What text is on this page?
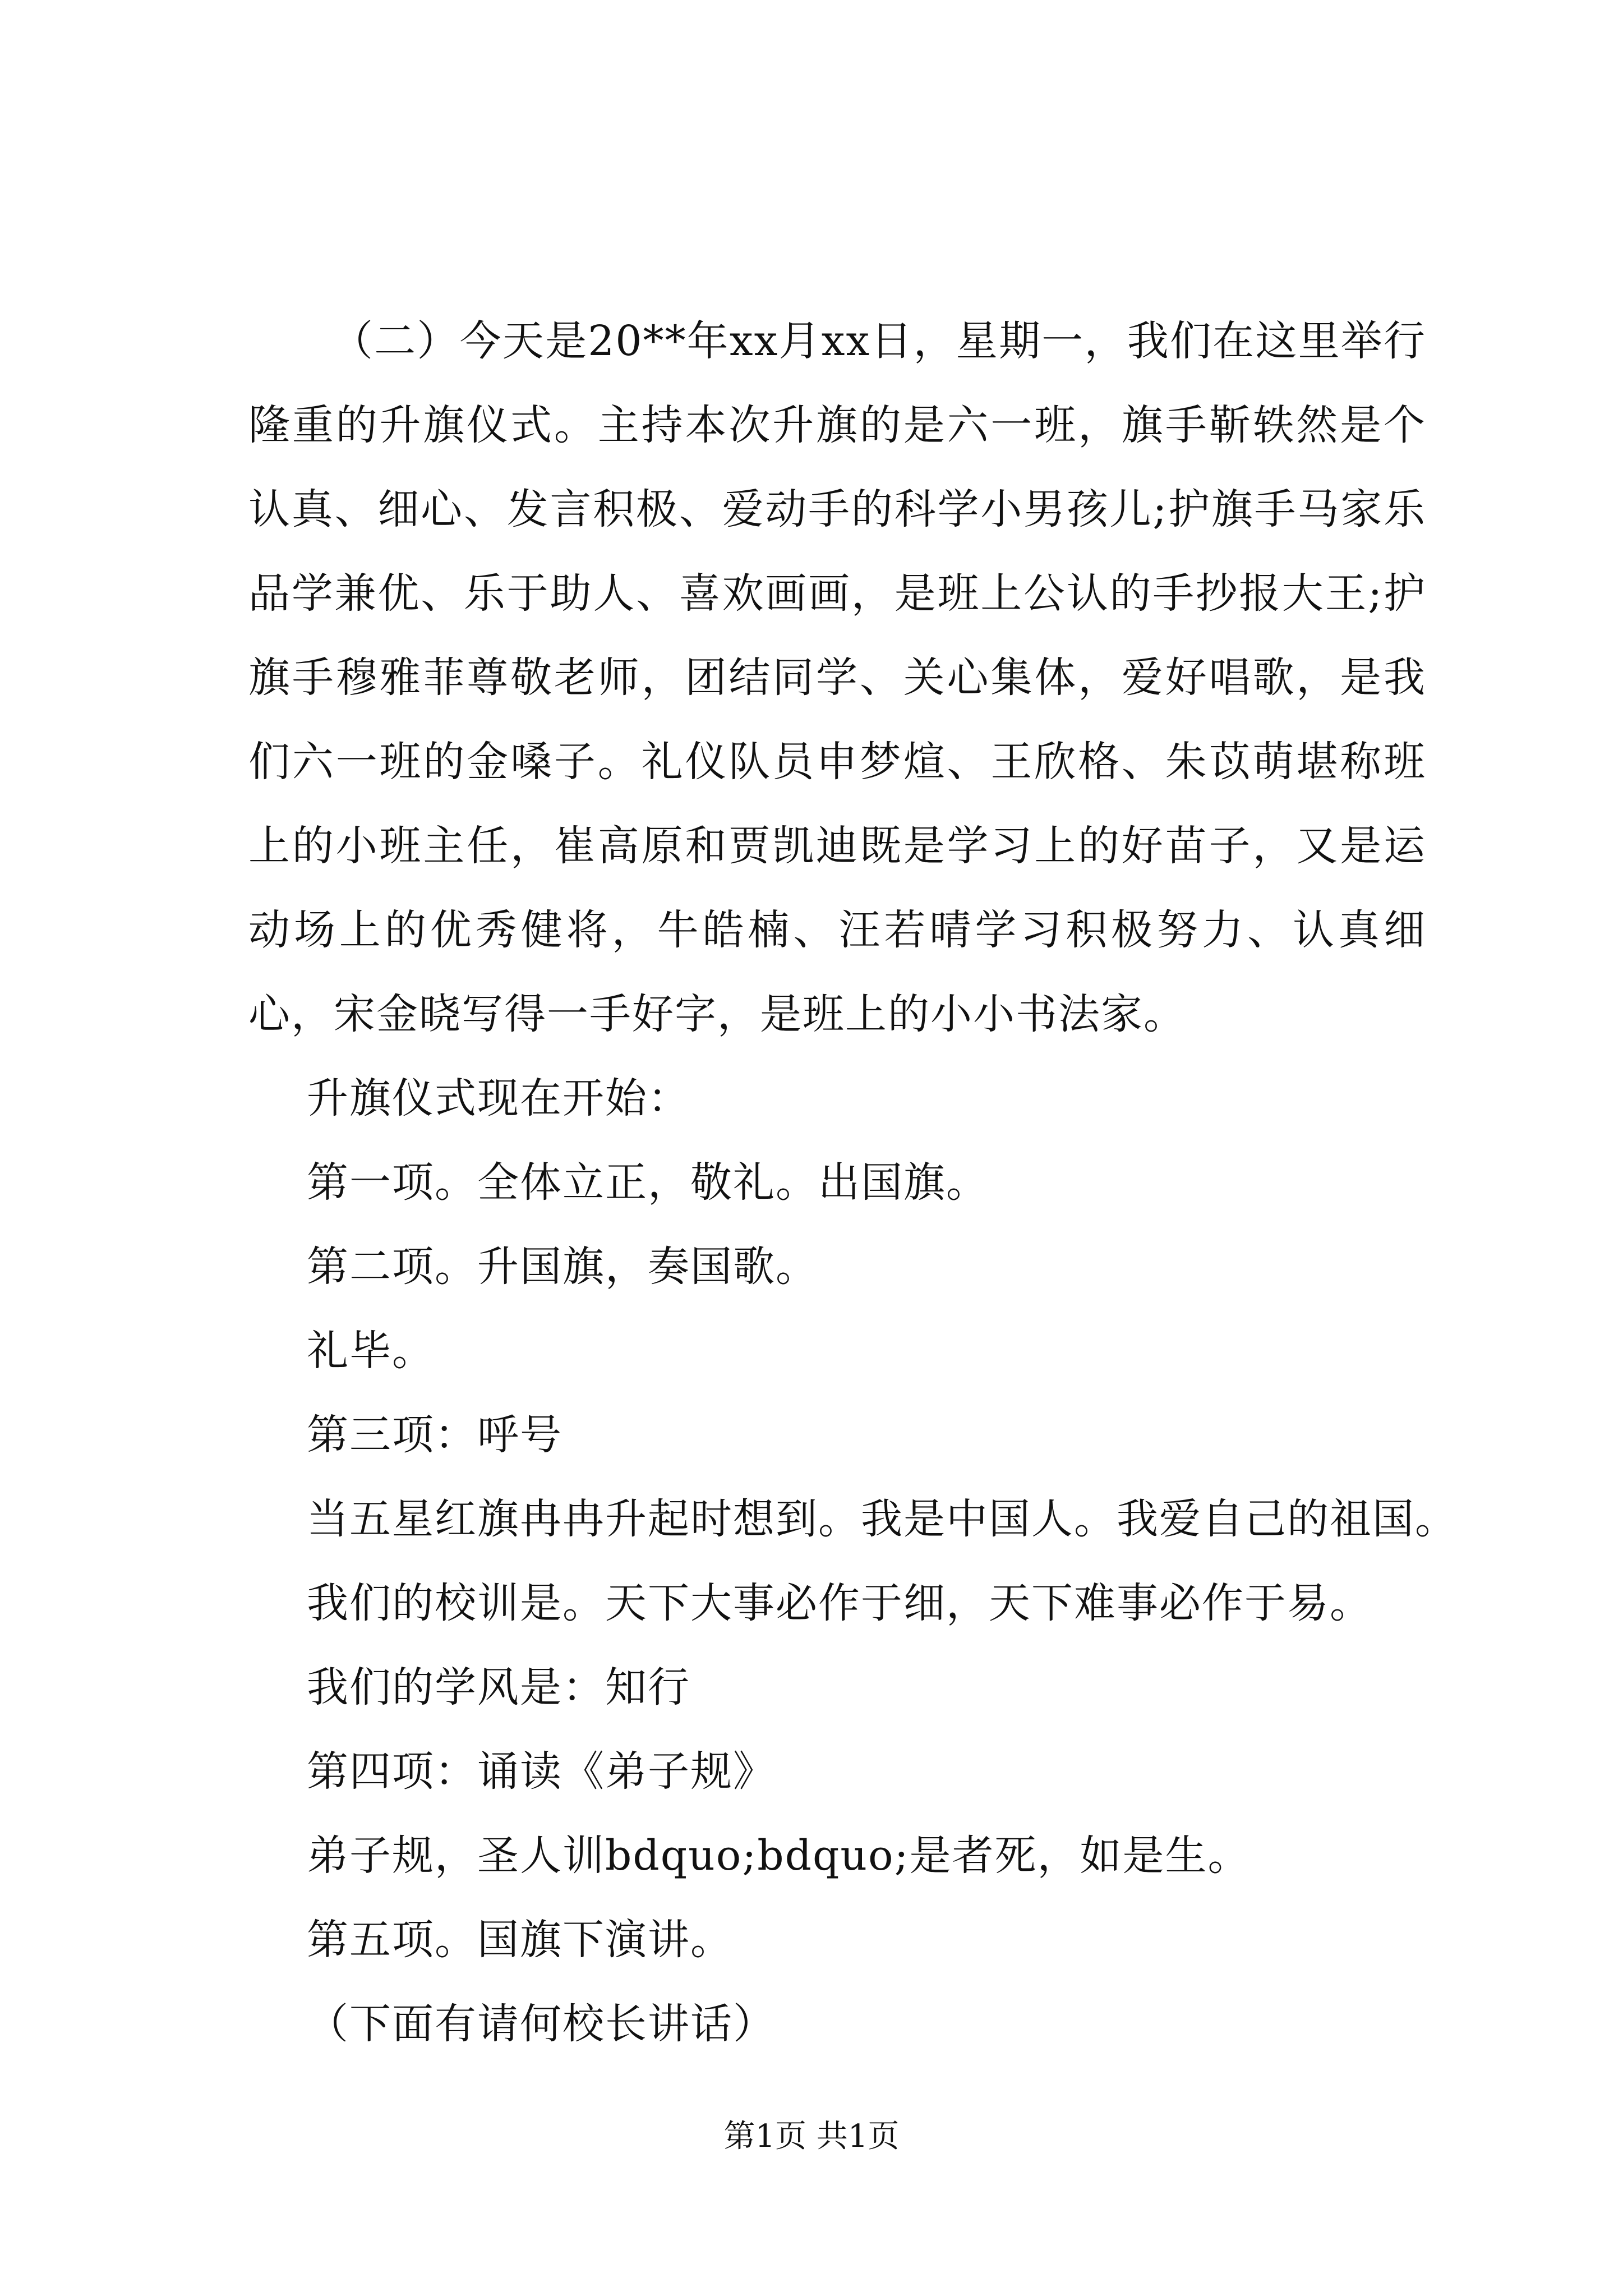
（二）今天是20**年xx月xx日，星期一，我们在这里举行隆重的升旗仪式。主持本次升旗的是六一班，旗手靳轶然是个认真、细心、发言积极、爱动手的科学小男孩儿;护旗手马家乐品学兼优、乐于助人、喜欢画画，是班上公认的手抄报大王;护旗手穆雅菲尊敬老师，团结同学、关心集体，爱好唱歌，是我们六一班的金嗓子。礼仪队员申梦煊、王欣格、朱苡萌堪称班上的小班主任，崔高原和贾凯迪既是学习上的好苗子，又是运动场上的优秀健将，牛皓楠、汪若晴学习积极努力、认真细心，宋金晓写得一手好字，是班上的小小书法家。

升旗仪式现在开始：

第一项。全体立正，敬礼。出国旗。

第二项。升国旗，奏国歌。

礼毕。

第三项：呼号

当五星红旗冉冉升起时想到。我是中国人。我爱自己的祖国。

我们的校训是。天下大事必作于细，天下难事必作于易。

我们的学风是：知行

第四项：诵读《弟子规》

弟子规，圣人训bdquo;bdquo;是者死，如是生。

第五项。国旗下演讲。

（下面有请何校长讲话）

第1页 共1页
